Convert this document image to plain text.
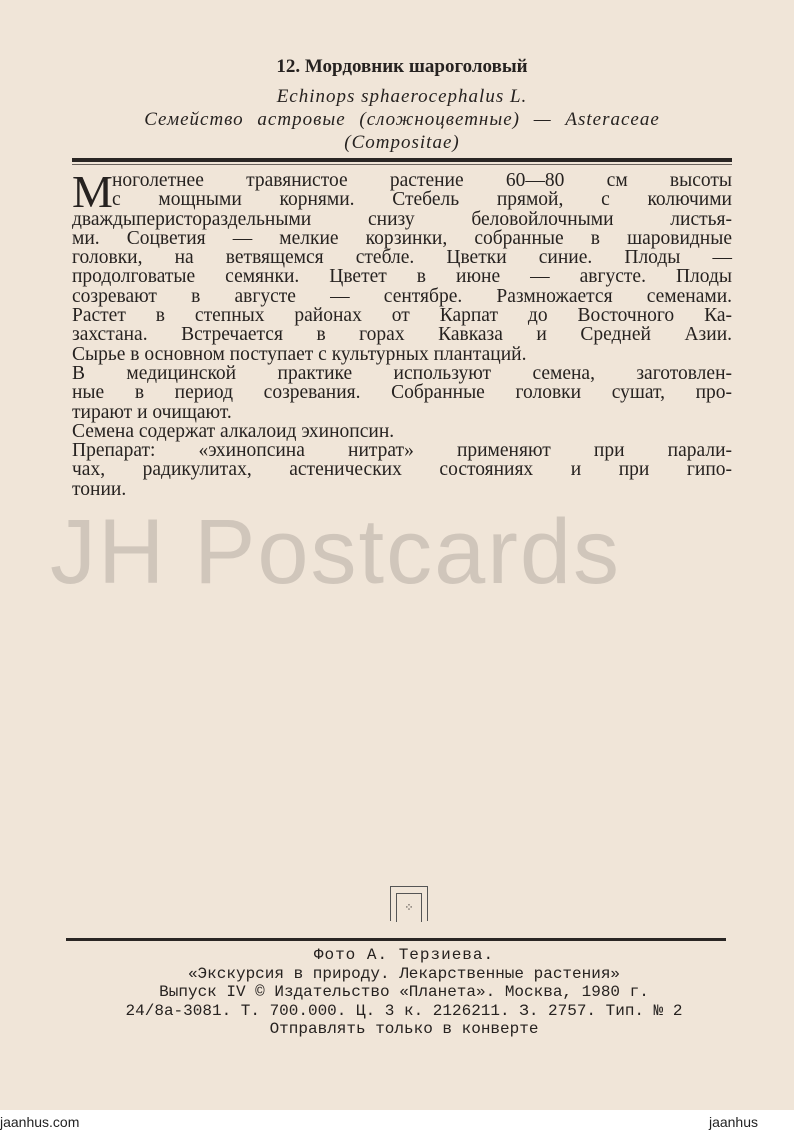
12. Мордовник шароголовый
Echinops sphaerocephalus L.
Семейство астровые (сложноцветные) — Asteraceae
(Compositae)
М ноголетнее травянистое растение 60—80 см высоты
с мощными корнями. Стебель прямой, с колючими
дваждыперистораздельными снизу беловойлочными листья-
ми. Соцветия — мелкие корзинки, собранные в шаровидные
головки, на ветвящемся стебле. Цветки синие. Плоды —
продолговатые семянки. Цветет в июне — августе. Плоды
созревают в августе — сентябре. Размножается семенами.
Растет в степных районах от Карпат до Восточного Ка-
захстана. Встречается в горах Кавказа и Средней Азии.
Сырье в основном поступает с культурных плантаций.
В медицинской практике используют семена, заготовлен-
ные в период созревания. Собранные головки сушат, про-
тирают и очищают.
Семена содержат алкалоид эхинопсин.
Препарат: «эхинопсина нитрат» применяют при парали-
чах, радикулитах, астенических состояниях и при гипо-
тонии.
JH Postcards
⁘
Фото А. Терзиева.
«Экскурсия в природу. Лекарственные растения»
Выпуск IV © Издательство «Планета». Москва, 1980 г.
24/8а-3081. Т. 700.000. Ц. 3 к. 2126211. З. 2757. Тип. № 2
Отправлять только в конверте
jaanhus.com	jaanhus
